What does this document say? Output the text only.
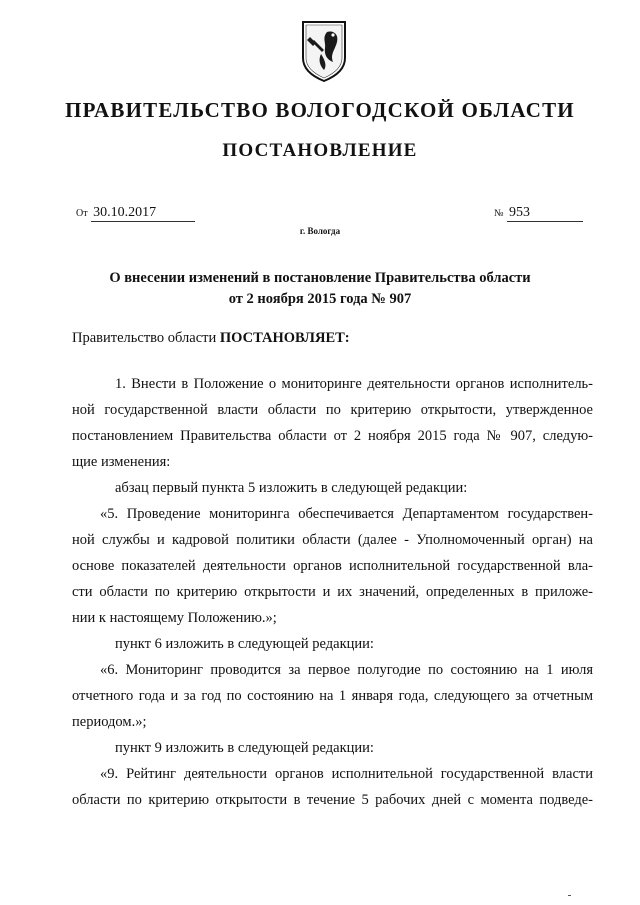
ПРАВИТЕЛЬСТВО ВОЛОГОДСКОЙ ОБЛАСТИ
ПОСТАНОВЛЕНИЕ
От 30.10.2017	№ 953
г. Вологда
О внесении изменений в постановление Правительства области
от 2 ноября 2015 года № 907
Правительство области ПОСТАНОВЛЯЕТ:
1. Внести в Положение о мониторинге деятельности органов исполнитель-
ной государственной власти области по критерию открытости, утвержденное
постановлением Правительства области от 2 ноября 2015 года № 907, следую-
щие изменения:
абзац первый пункта 5 изложить в следующей редакции:
«5. Проведение мониторинга обеспечивается Департаментом государствен-
ной службы и кадровой политики области (далее - Уполномоченный орган) на
основе показателей деятельности органов исполнительной государственной вла-
сти области по критерию открытости и их значений, определенных в приложе-
нии к настоящему Положению.»;
пункт 6 изложить в следующей редакции:
«6. Мониторинг проводится за первое полугодие по состоянию на 1 июля
отчетного года и за год по состоянию на 1 января года, следующего за отчетным
периодом.»;
пункт 9 изложить в следующей редакции:
«9. Рейтинг деятельности органов исполнительной государственной власти
области по критерию открытости в течение 5 рабочих дней с момента подведе-
